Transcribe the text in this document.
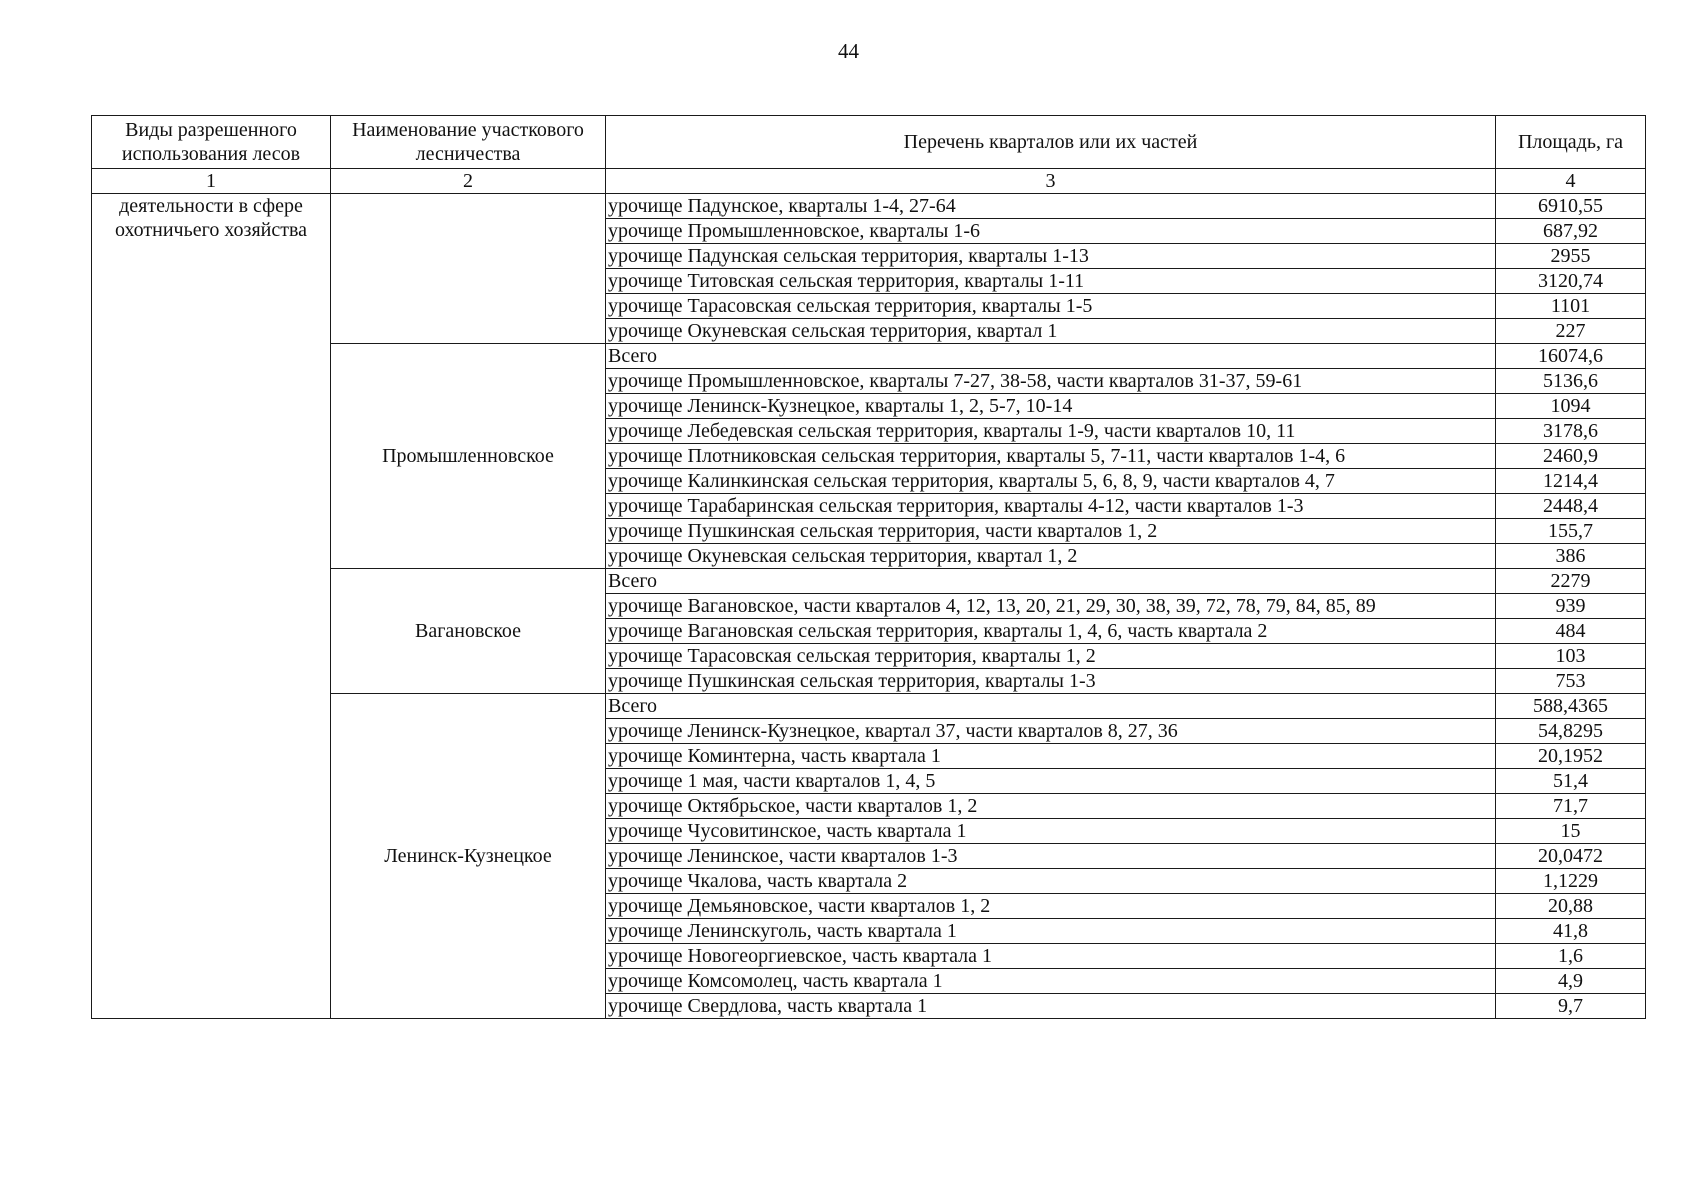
44
Виды разрешенного использования лесов	Наименование участкового лесничества	Перечень кварталов или их частей	Площадь, га
1	2	3	4
деятельности в сфере охотничьего хозяйства		урочище Падунское, кварталы 1-4, 27-64	6910,55
		урочище Промышленновское, кварталы 1-6	687,92
		урочище Падунская сельская территория, кварталы 1-13	2955
		урочище Титовская сельская территория, кварталы 1-11	3120,74
		урочище Тарасовская сельская территория, кварталы 1-5	1101
		урочище Окуневская сельская территория, квартал 1	227
	Промышленновское	Всего	16074,6
		урочище Промышленновское, кварталы 7-27, 38-58, части кварталов 31-37, 59-61	5136,6
		урочище Ленинск-Кузнецкое, кварталы 1, 2, 5-7, 10-14	1094
		урочище Лебедевская сельская территория, кварталы 1-9, части кварталов 10, 11	3178,6
		урочище Плотниковская сельская территория, кварталы 5, 7-11, части кварталов 1-4, 6	2460,9
		урочище Калинкинская сельская территория, кварталы 5, 6, 8, 9, части кварталов 4, 7	1214,4
		урочище Тарабаринская сельская территория, кварталы 4-12, части кварталов 1-3	2448,4
		урочище Пушкинская сельская территория, части кварталов 1, 2	155,7
		урочище Окуневская сельская территория, квартал 1, 2	386
	Вагановское	Всего	2279
		урочище Вагановское, части кварталов 4, 12, 13, 20, 21, 29, 30, 38, 39, 72, 78, 79, 84, 85, 89	939
		урочище Вагановская сельская территория, кварталы 1, 4, 6, часть квартала 2	484
		урочище Тарасовская сельская территория, кварталы 1, 2	103
		урочище Пушкинская сельская территория, кварталы 1-3	753
	Ленинск-Кузнецкое	Всего	588,4365
		урочище Ленинск-Кузнецкое, квартал 37, части кварталов 8, 27, 36	54,8295
		урочище Коминтерна, часть квартала 1	20,1952
		урочище 1 мая, части кварталов 1, 4, 5	51,4
		урочище Октябрьское, части кварталов 1, 2	71,7
		урочище Чусовитинское, часть квартала 1	15
		урочище Ленинское, части кварталов 1-3	20,0472
		урочище Чкалова, часть квартала 2	1,1229
		урочище Демьяновское, части кварталов 1, 2	20,88
		урочище Ленинскуголь, часть квартала 1	41,8
		урочище Новогеоргиевское, часть квартала 1	1,6
		урочище Комсомолец, часть квартала 1	4,9
		урочище Свердлова, часть квартала 1	9,7
